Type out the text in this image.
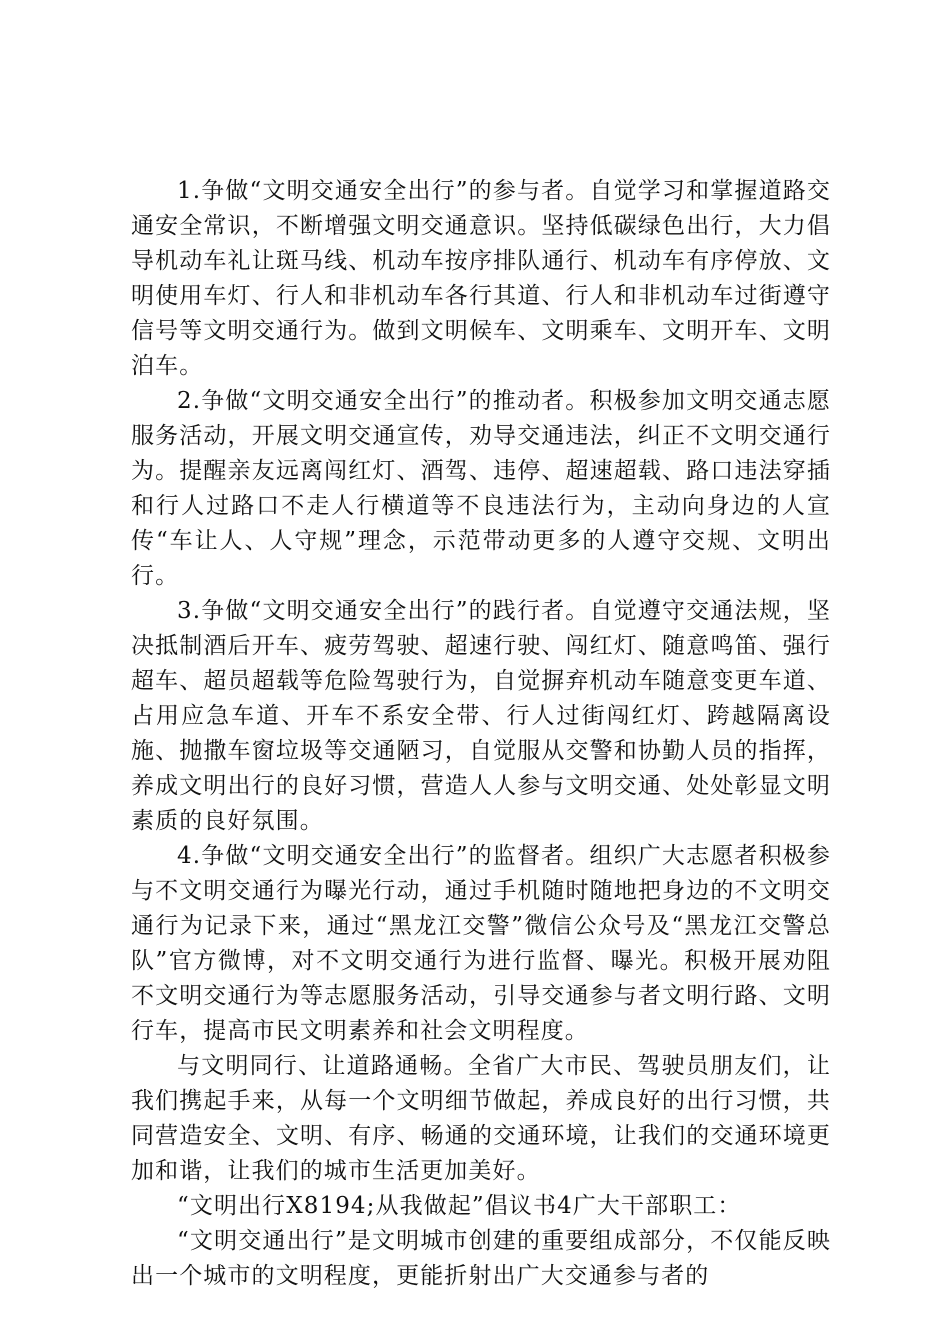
1.争做“文明交通安全出行”的参与者。自觉学习和掌握道路交通安全常识，不断增强文明交通意识。坚持低碳绿色出行，大力倡导机动车礼让斑马线、机动车按序排队通行、机动车有序停放、文明使用车灯、行人和非机动车各行其道、行人和非机动车过街遵守信号等文明交通行为。做到文明候车、文明乘车、文明开车、文明泊车。

2.争做“文明交通安全出行”的推动者。积极参加文明交通志愿服务活动，开展文明交通宣传，劝导交通违法，纠正不文明交通行为。提醒亲友远离闯红灯、酒驾、违停、超速超载、路口违法穿插和行人过路口不走人行横道等不良违法行为，主动向身边的人宣传“车让人、人守规”理念，示范带动更多的人遵守交规、文明出行。

3.争做“文明交通安全出行”的践行者。自觉遵守交通法规，坚决抵制酒后开车、疲劳驾驶、超速行驶、闯红灯、随意鸣笛、强行超车、超员超载等危险驾驶行为，自觉摒弃机动车随意变更车道、占用应急车道、开车不系安全带、行人过街闯红灯、跨越隔离设施、抛撒车窗垃圾等交通陋习，自觉服从交警和协勤人员的指挥，养成文明出行的良好习惯，营造人人参与文明交通、处处彰显文明素质的良好氛围。

4.争做“文明交通安全出行”的监督者。组织广大志愿者积极参与不文明交通行为曝光行动，通过手机随时随地把身边的不文明交通行为记录下来，通过“黑龙江交警”微信公众号及“黑龙江交警总队”官方微博，对不文明交通行为进行监督、曝光。积极开展劝阻不文明交通行为等志愿服务活动，引导交通参与者文明行路、文明行车，提高市民文明素养和社会文明程度。

与文明同行、让道路通畅。全省广大市民、驾驶员朋友们，让我们携起手来，从每一个文明细节做起，养成良好的出行习惯，共同营造安全、文明、有序、畅通的交通环境，让我们的交通环境更加和谐，让我们的城市生活更加美好。

“文明出行X8194;从我做起”倡议书4广大干部职工：

“文明交通出行”是文明城市创建的重要组成部分，不仅能反映出一个城市的文明程度，更能折射出广大交通参与者的
